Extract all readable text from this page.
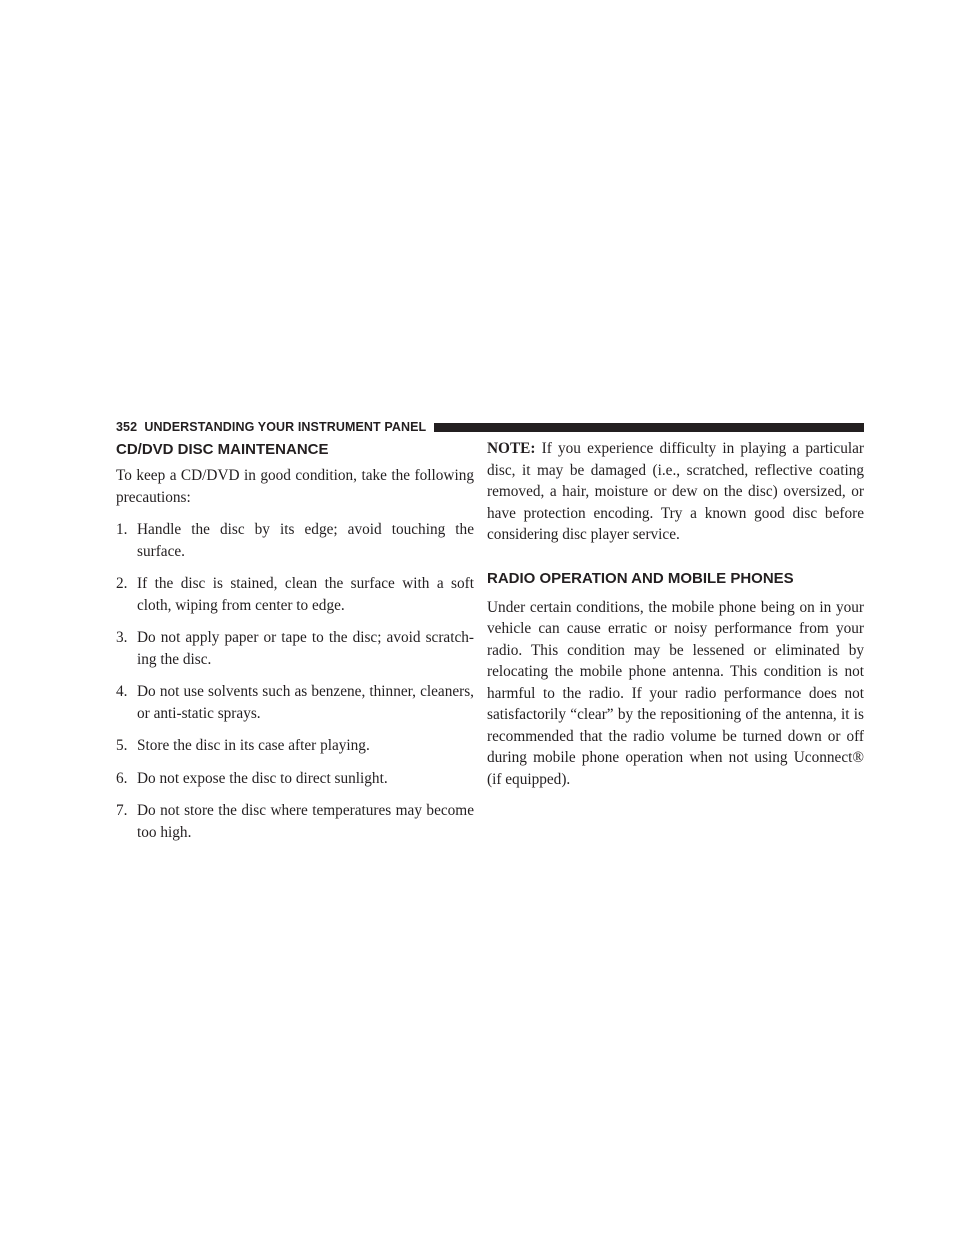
352 UNDERSTANDING YOUR INSTRUMENT PANEL
CD/DVD DISC MAINTENANCE

To keep a CD/DVD in good condition, take the following precautions:

1. Handle the disc by its edge; avoid touching the surface.
2. If the disc is stained, clean the surface with a soft cloth, wiping from center to edge.
3. Do not apply paper or tape to the disc; avoid scratch-ing the disc.
4. Do not use solvents such as benzene, thinner, cleaners, or anti-static sprays.
5. Store the disc in its case after playing.
6. Do not expose the disc to direct sunlight.
7. Do not store the disc where temperatures may become too high.

NOTE: If you experience difficulty in playing a particular disc, it may be damaged (i.e., scratched, reflective coating removed, a hair, moisture or dew on the disc) oversized, or have protection encoding. Try a known good disc before considering disc player service.

RADIO OPERATION AND MOBILE PHONES

Under certain conditions, the mobile phone being on in your vehicle can cause erratic or noisy performance from your radio. This condition may be lessened or eliminated by relocating the mobile phone antenna. This condition is not harmful to the radio. If your radio performance does not satisfactorily “clear” by the repositioning of the antenna, it is recommended that the radio volume be turned down or off during mobile phone operation when not using Uconnect® (if equipped).
